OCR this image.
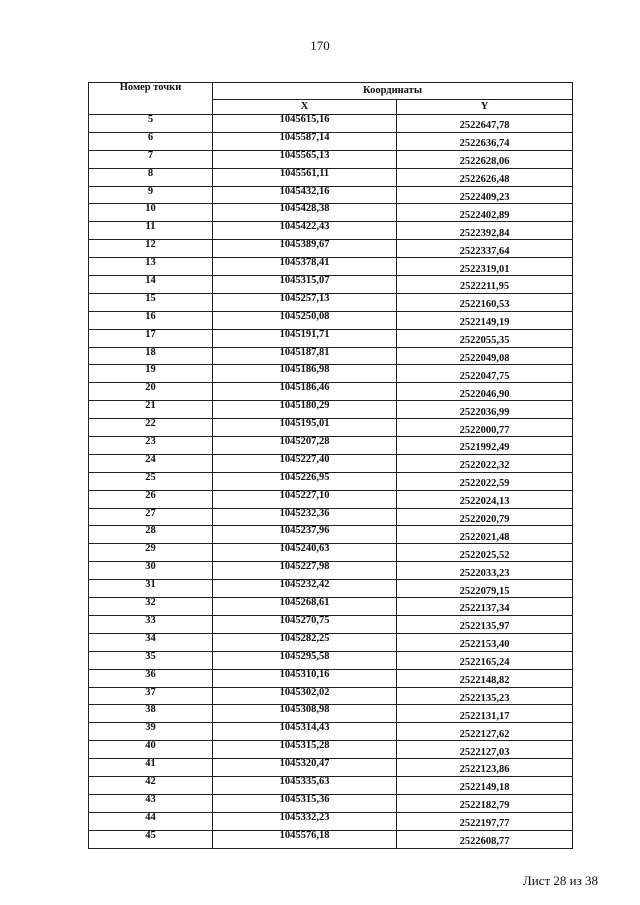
170
Номер точки	Координаты	
	X	Y
5	1045615,16	2522647,78
6	1045587,14	2522636,74
7	1045565,13	2522628,06
8	1045561,11	2522626,48
9	1045432,16	2522409,23
10	1045428,38	2522402,89
11	1045422,43	2522392,84
12	1045389,67	2522337,64
13	1045378,41	2522319,01
14	1045315,07	2522211,95
15	1045257,13	2522160,53
16	1045250,08	2522149,19
17	1045191,71	2522055,35
18	1045187,81	2522049,08
19	1045186,98	2522047,75
20	1045186,46	2522046,90
21	1045180,29	2522036,99
22	1045195,01	2522000,77
23	1045207,28	2521992,49
24	1045227,40	2522022,32
25	1045226,95	2522022,59
26	1045227,10	2522024,13
27	1045232,36	2522020,79
28	1045237,96	2522021,48
29	1045240,63	2522025,52
30	1045227,98	2522033,23
31	1045232,42	2522079,15
32	1045268,61	2522137,34
33	1045270,75	2522135,97
34	1045282,25	2522153,40
35	1045295,58	2522165,24
36	1045310,16	2522148,82
37	1045302,02	2522135,23
38	1045308,98	2522131,17
39	1045314,43	2522127,62
40	1045315,28	2522127,03
41	1045320,47	2522123,86
42	1045335,63	2522149,18
43	1045315,36	2522182,79
44	1045332,23	2522197,77
45	1045576,18	2522608,77
Лист 28 из 38
